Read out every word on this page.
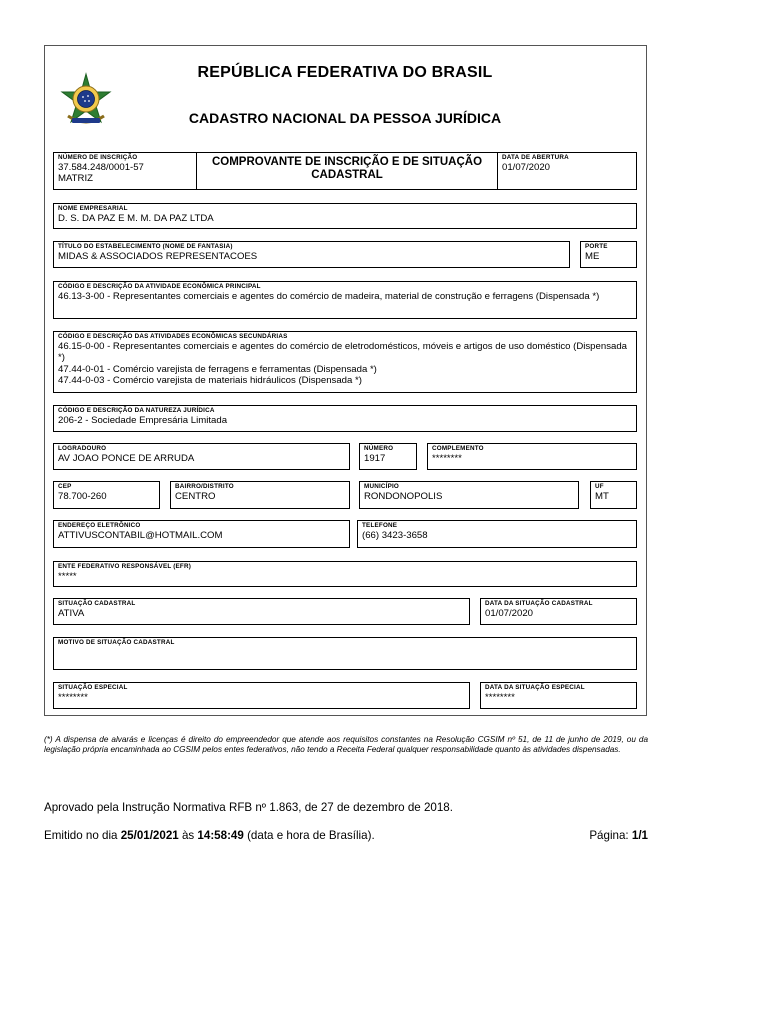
REPÚBLICA FEDERATIVA DO BRASIL
CADASTRO NACIONAL DA PESSOA JURÍDICA
NÚMERO DE INSCRIÇÃO
37.584.248/0001-57
MATRIZ
COMPROVANTE DE INSCRIÇÃO E DE SITUAÇÃO CADASTRAL
DATA DE ABERTURA
01/07/2020
NOME EMPRESARIAL
D. S. DA PAZ E M. M. DA PAZ LTDA
TÍTULO DO ESTABELECIMENTO (NOME DE FANTASIA)
MIDAS & ASSOCIADOS REPRESENTACOES
PORTE
ME
CÓDIGO E DESCRIÇÃO DA ATIVIDADE ECONÔMICA PRINCIPAL
46.13-3-00 - Representantes comerciais e agentes do comércio de madeira, material de construção e ferragens (Dispensada *)
CÓDIGO E DESCRIÇÃO DAS ATIVIDADES ECONÔMICAS SECUNDÁRIAS
46.15-0-00 - Representantes comerciais e agentes do comércio de eletrodomésticos, móveis e artigos de uso doméstico (Dispensada *)
47.44-0-01 - Comércio varejista de ferragens e ferramentas (Dispensada *)
47.44-0-03 - Comércio varejista de materiais hidráulicos (Dispensada *)
CÓDIGO E DESCRIÇÃO DA NATUREZA JURÍDICA
206-2 - Sociedade Empresária Limitada
LOGRADOURO
AV JOAO PONCE DE ARRUDA
NÚMERO
1917
COMPLEMENTO
********
CEP
78.700-260
BAIRRO/DISTRITO
CENTRO
MUNICÍPIO
RONDONOPOLIS
UF
MT
ENDEREÇO ELETRÔNICO
ATTIVUSCONTABIL@HOTMAIL.COM
TELEFONE
(66) 3423-3658
ENTE FEDERATIVO RESPONSÁVEL (EFR)
*****
SITUAÇÃO CADASTRAL
ATIVA
DATA DA SITUAÇÃO CADASTRAL
01/07/2020
MOTIVO DE SITUAÇÃO CADASTRAL
SITUAÇÃO ESPECIAL
********
DATA DA SITUAÇÃO ESPECIAL
********
(*) A dispensa de alvarás e licenças é direito do empreendedor que atende aos requisitos constantes na Resolução CGSIM nº 51, de 11 de junho de 2019, ou da legislação própria encaminhada ao CGSIM pelos entes federativos, não tendo a Receita Federal qualquer responsabilidade quanto às atividades dispensadas.
Aprovado pela Instrução Normativa RFB nº 1.863, de 27 de dezembro de 2018.
Emitido no dia 25/01/2021 às 14:58:49 (data e hora de Brasília).	Página: 1/1
